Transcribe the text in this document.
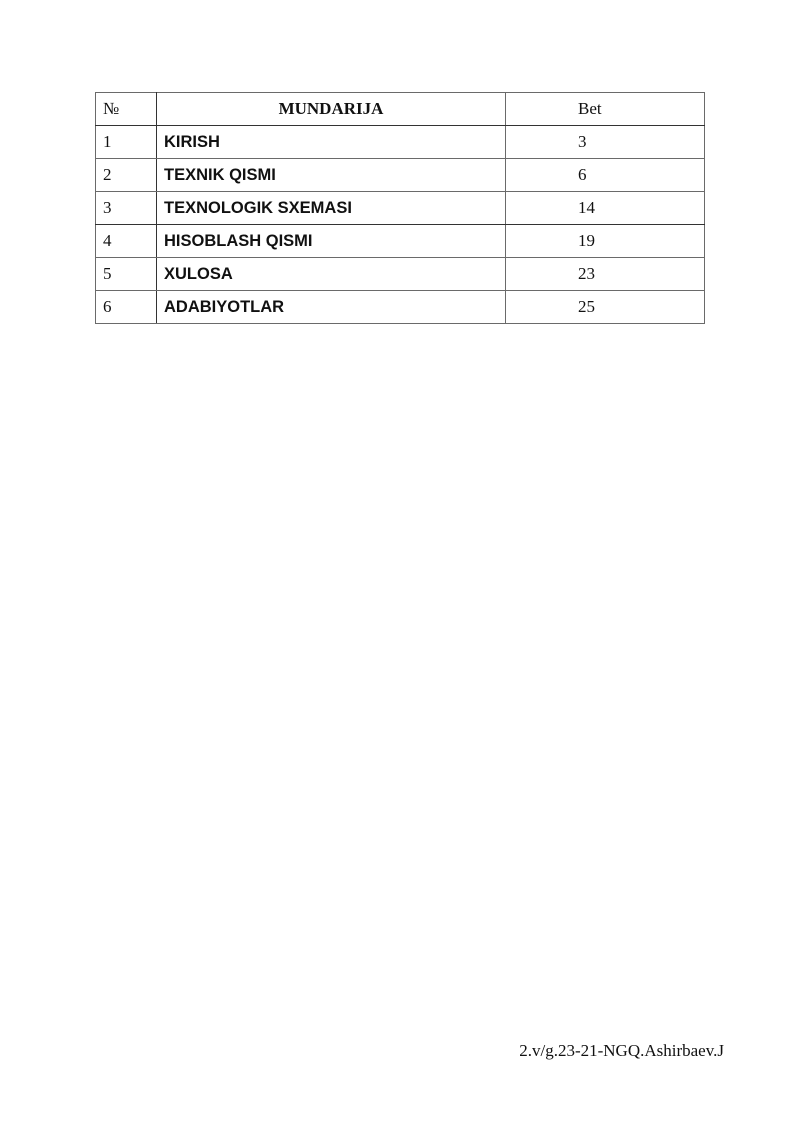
№	MUNDARIJA	Bet
1	KIRISH	3
2	TEXNIK QISMI	6
3	TEXNOLOGIK SXEMASI	14
4	HISOBLASH QISMI	19
5	XULOSA	23
6	ADABIYOTLAR	25
2.v/g.23-21-NGQ.Ashirbaev.J
